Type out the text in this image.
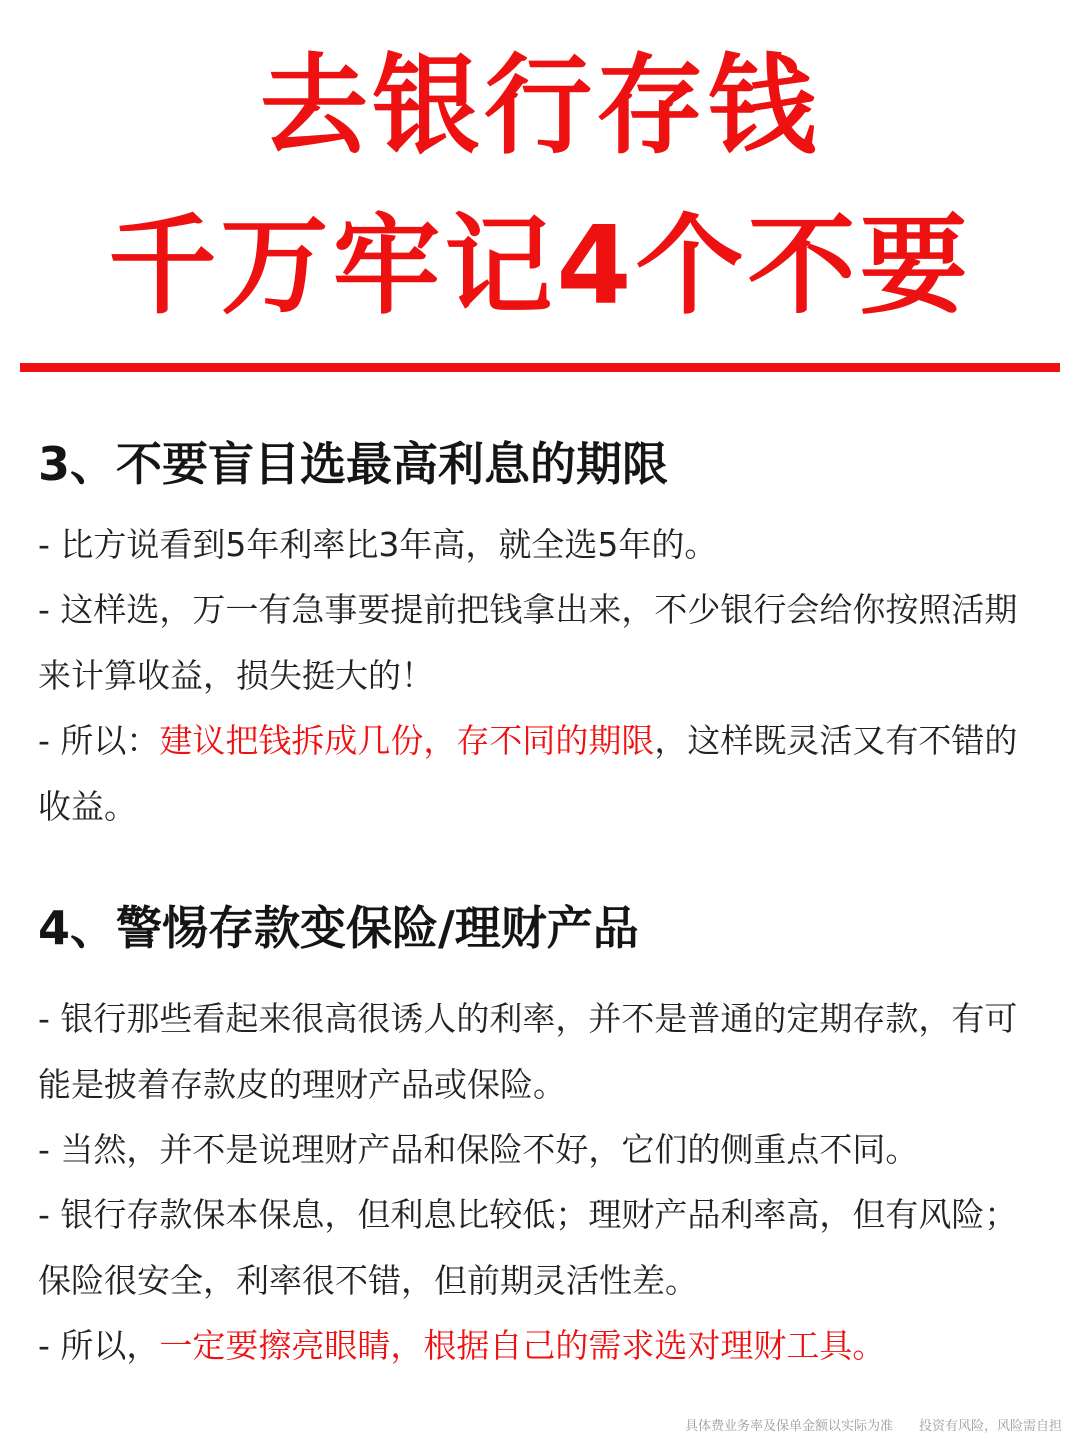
去银行存钱
千万牢记4个不要
3、不要盲目选最高利息的期限
- 比方说看到5年利率比3年高，就全选5年的。
- 这样选，万一有急事要提前把钱拿出来，不少银行会给你按照活期来计算收益，损失挺大的！
- 所以：建议把钱拆成几份，存不同的期限，这样既灵活又有不错的收益。
4、警惕存款变保险/理财产品
- 银行那些看起来很高很诱人的利率，并不是普通的定期存款，有可能是披着存款皮的理财产品或保险。
- 当然，并不是说理财产品和保险不好，它们的侧重点不同。
- 银行存款保本保息，但利息比较低；理财产品利率高，但有风险；保险很安全，利率很不错，但前期灵活性差。
- 所以，一定要擦亮眼睛，根据自己的需求选对理财工具。
具体费业务率及保单金额以实际为准 投资有风险，风险需自担
